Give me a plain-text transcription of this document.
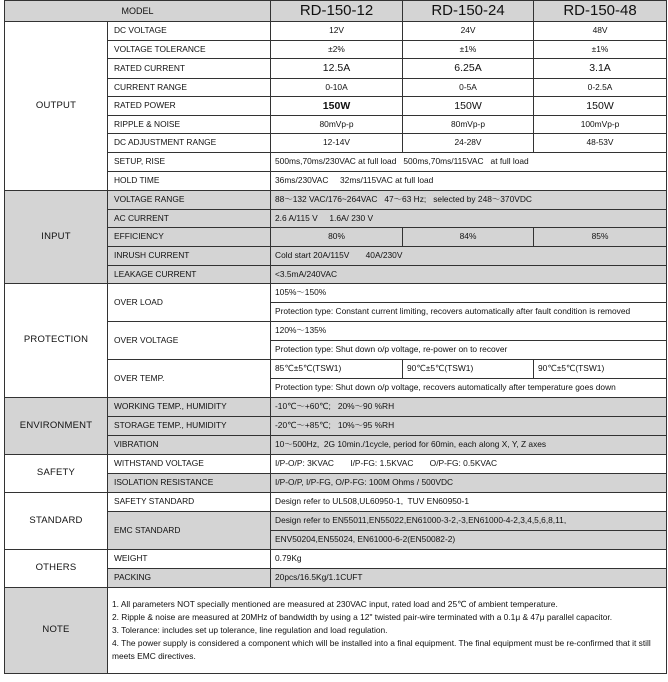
MODEL		RD-150-12	RD-150-24	RD-150-48
OUTPUT	DC VOLTAGE	12V	24V	48V
	VOLTAGE TOLERANCE	±2%	±1%	±1%
	RATED CURRENT	12.5A	6.25A	3.1A
	CURRENT RANGE	0-10A	0-5A	0-2.5A
	RATED POWER	150W	150W	150W
	RIPPLE & NOISE	80mVp-p	80mVp-p	100mVp-p
	DC ADJUSTMENT RANGE	12-14V	24-28V	48-53V
	SETUP, RISE	500ms,70ms/230VAC at full load   500ms,70ms/115VAC   at full load		
	HOLD TIME	36ms/230VAC     32ms/115VAC at full load		
INPUT	VOLTAGE RANGE	88～132 VAC/176~264VAC   47～63 Hz;   selected by 248～370VDC		
	AC CURRENT	2.6 A/115 V     1.6A/ 230 V		
	EFFICIENCY	80%	84%	85%
	INRUSH CURRENT	Cold start 20A/115V       40A/230V		
	LEAKAGE CURRENT	<3.5mA/240VAC		
PROTECTION	OVER LOAD	105%～150%		
		Protection type: Constant current limiting, recovers automatically after fault condition is removed		
	OVER VOLTAGE	120%～135%		
		Protection type: Shut down o/p voltage, re-power on to recover		
	OVER TEMP.	85℃±5℃(TSW1)	90℃±5℃(TSW1)	90℃±5℃(TSW1)
		Protection type: Shut down o/p voltage, recovers automatically after temperature goes down		
ENVIRONMENT	WORKING TEMP., HUMIDITY	-10℃～+60℃;   20%～90 %RH		
	STORAGE TEMP., HUMIDITY	-20℃～+85℃;   10%～95 %RH		
	VIBRATION	10～500Hz,  2G 10min./1cycle, period for 60min, each along X, Y, Z axes		
SAFETY	WITHSTAND VOLTAGE	I/P-O/P: 3KVAC       I/P-FG: 1.5KVAC       O/P-FG: 0.5KVAC		
	ISOLATION RESISTANCE	I/P-O/P, I/P-FG, O/P-FG: 100M Ohms / 500VDC		
STANDARD	SAFETY STANDARD	Design refer to UL508,UL60950-1,  TUV EN60950-1		
	EMC STANDARD	Design refer to EN55011,EN55022,EN61000-3-2,-3,EN61000-4-2,3,4,5,6,8,11,		
		ENV50204,EN55024, EN61000-6-2(EN50082-2)		
OTHERS	WEIGHT	0.79Kg		
	PACKING	20pcs/16.5Kg/1.1CUFT		
NOTE	1. All parameters NOT specially mentioned are measured at 230VAC input, rated load and 25℃ of ambient temperature.
2. Ripple & noise are measured at 20MHz of bandwidth by using a 12" twisted pair-wire terminated with a 0.1μ & 47μ parallel capacitor.
3. Tolerance: includes set up tolerance, line regulation and load regulation.
4. The power supply is considered a component which will be installed into a final equipment. The final equipment must be re-confirmed that it still meets EMC directives.			
